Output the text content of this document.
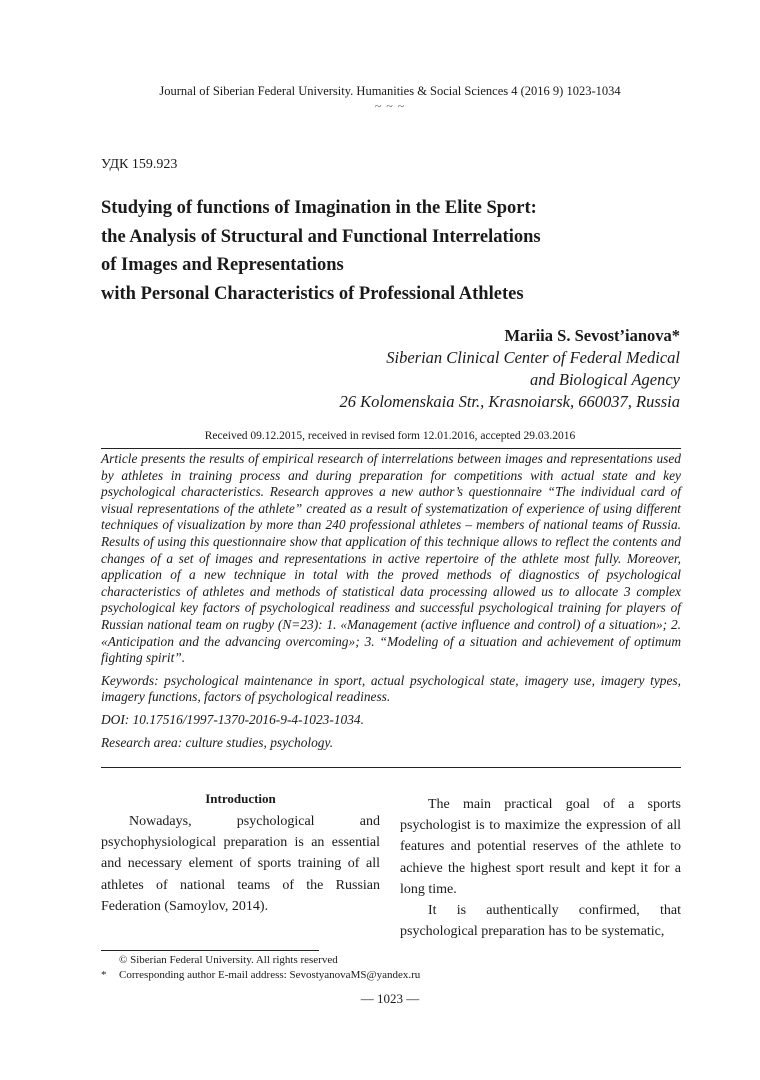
Journal of Siberian Federal University. Humanities & Social Sciences 4 (2016 9) 1023-1034
~ ~ ~
УДК 159.923
Studying of functions of Imagination in the Elite Sport:
the Analysis of Structural and Functional Interrelations
of Images and Representations
with Personal Characteristics of Professional Athletes
Mariia S. Sevost’ianova*
Siberian Clinical Center of Federal Medical
and Biological Agency
26 Kolomenskaia Str., Krasnoiarsk, 660037, Russia
Received 09.12.2015, received in revised form 12.01.2016, accepted 29.03.2016

Article presents the results of empirical research of interrelations between images and representations used by athletes in training process and during preparation for competitions with actual state and key psychological characteristics. Research approves a new author’s questionnaire “The individual card of visual representations of the athlete” created as a result of systematization of experience of using different techniques of visualization by more than 240 professional athletes – members of national teams of Russia. Results of using this questionnaire show that application of this technique allows to reflect the contents and changes of a set of images and representations in active repertoire of the athlete most fully. Moreover, application of a new technique in total with the proved methods of diagnostics of psychological characteristics of athletes and methods of statistical data processing allowed us to allocate 3 complex psychological key factors of psychological readiness and successful psychological training for players of Russian national team on rugby (N=23): 1. «Management (active influence and control) of a situation»; 2. «Anticipation and the advancing overcoming»; 3. “Modeling of a situation and achievement of optimum fighting spirit”.

Keywords: psychological maintenance in sport, actual psychological state, imagery use, imagery types, imagery functions, factors of psychological readiness.

DOI: 10.17516/1997-1370-2016-9-4-1023-1034.

Research area: culture studies, psychology.

Introduction

Nowadays, psychological and psychophysiological preparation is an essential and necessary element of sports training of all athletes of national teams of the Russian Federation (Samoylov, 2014).

The main practical goal of a sports psychologist is to maximize the expression of all features and potential reserves of the athlete to achieve the highest sport result and kept it for a long time.

It is authentically confirmed, that psychological preparation has to be systematic,

© Siberian Federal University. All rights reserved
*	Corresponding author E-mail address: SevostyanovaMS@yandex.ru
— 1023 —
